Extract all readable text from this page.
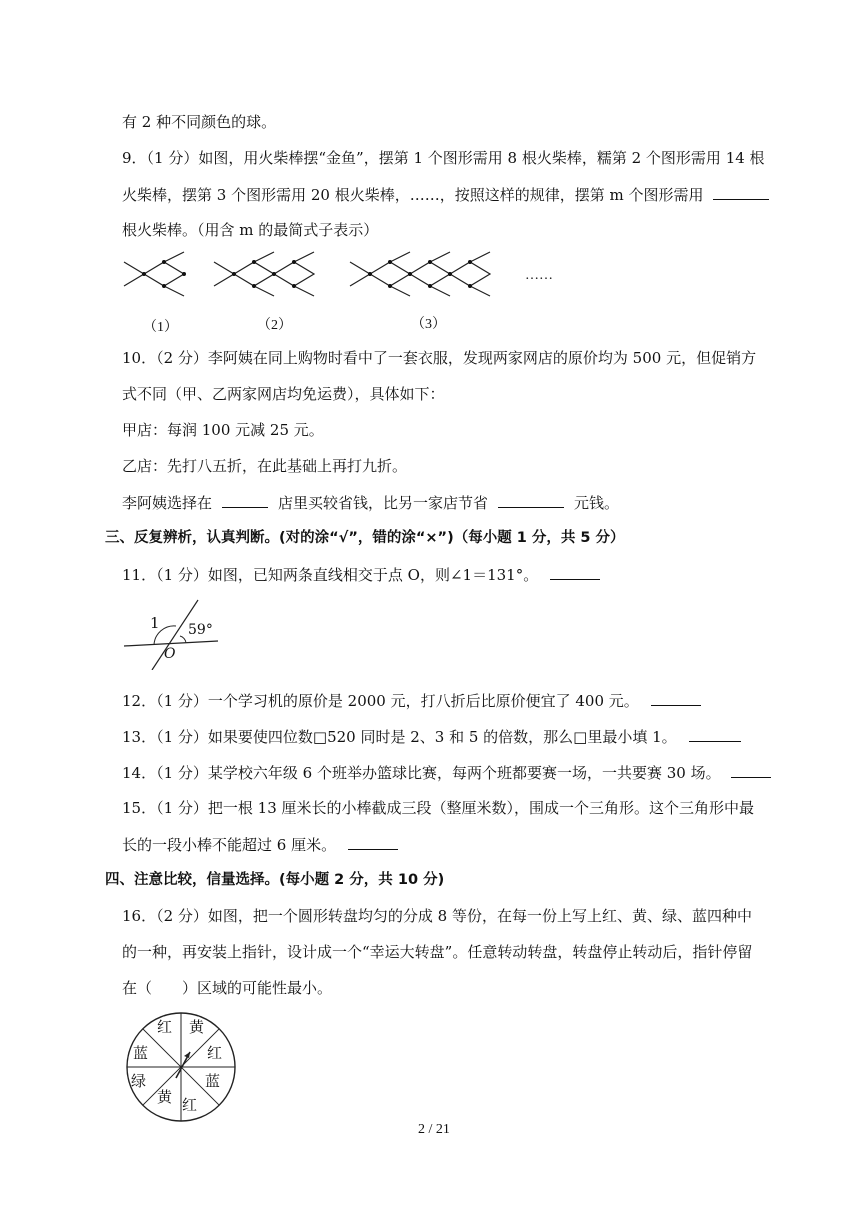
有 2 种不同颜色的球。
9．（1 分）如图，用火柴棒摆“金鱼”，摆第 1 个图形需用 8 根火柴棒，糯第 2 个图形需用 14 根
火柴棒，摆第 3 个图形需用 20 根火柴棒，……，按照这样的规律，摆第 m 个图形需用
根火柴棒。（用含 m 的最简式子表示）
……
（1）	（2）	（3）
10．（2 分）李阿姨在同上购物时看中了一套衣服，发现两家网店的原价均为 500 元，但促销方
式不同（甲、乙两家网店均免运费），具体如下：
甲店：每润 100 元减 25 元。
乙店：先打八五折，在此基础上再打九折。
李阿姨选择在	店里买较省钱，比另一家店节省	元钱。
三、反复辨析，认真判断。(对的涂“√”，错的涂“×”)（每小题 1 分，共 5 分）
11．（1 分）如图，已知两条直线相交于点 O，则∠1＝131°。
1 59°
O
12．（1 分）一个学习机的原价是 2000 元，打八折后比原价便宜了 400 元。
13．（1 分）如果要使四位数□520 同时是 2、3 和 5 的倍数，那么□里最小填 1。
14．（1 分）某学校六年级 6 个班举办篮球比赛，每两个班都要赛一场，一共要赛 30 场。
15．（1 分）把一根 13 厘米长的小棒截成三段（整厘米数），围成一个三角形。这个三角形中最
长的一段小棒不能超过 6 厘米。
四、注意比较，信量选择。(每小题 2 分，共 10 分)
16．（2 分）如图，把一个圆形转盘均匀的分成 8 等份，在每一份上写上红、黄、绿、蓝四种中
的一种，再安装上指针，设计成一个“幸运大转盘”。任意转动转盘，转盘停止转动后，指针停留
在（　　）区域的可能性最小。
红 黄
红
蓝
红
黄
绿
蓝
2 / 21
